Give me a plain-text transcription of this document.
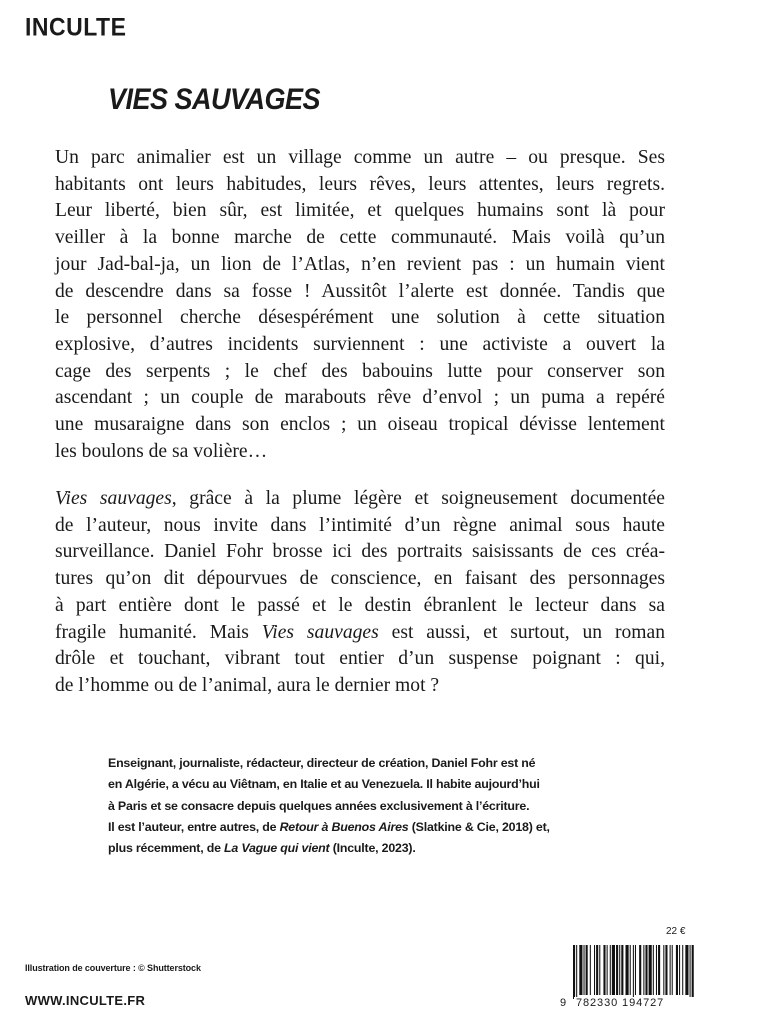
INCULTE
VIES SAUVAGES
Un parc animalier est un village comme un autre – ou presque. Ses
habitants ont leurs habitudes, leurs rêves, leurs attentes, leurs regrets.
Leur liberté, bien sûr, est limitée, et quelques humains sont là pour
veiller à la bonne marche de cette communauté. Mais voilà qu’un
jour Jad-bal-ja, un lion de l’Atlas, n’en revient pas : un humain vient
de descendre dans sa fosse ! Aussitôt l’alerte est donnée. Tandis que
le personnel cherche désespérément une solution à cette situation
explosive, d’autres incidents surviennent : une activiste a ouvert la
cage des serpents ; le chef des babouins lutte pour conserver son
ascendant ; un couple de marabouts rêve d’envol ; un puma a repéré
une musaraigne dans son enclos ; un oiseau tropical dévisse lentement
les boulons de sa volière…
Vies sauvages, grâce à la plume légère et soigneusement documentée
de l’auteur, nous invite dans l’intimité d’un règne animal sous haute
surveillance. Daniel Fohr brosse ici des portraits saisissants de ces créa-
tures qu’on dit dépourvues de conscience, en faisant des personnages
à part entière dont le passé et le destin ébranlent le lecteur dans sa
fragile humanité. Mais Vies sauvages est aussi, et surtout, un roman
drôle et touchant, vibrant tout entier d’un suspense poignant : qui,
de l’homme ou de l’animal, aura le dernier mot ?
Enseignant, journaliste, rédacteur, directeur de création, Daniel Fohr est né
en Algérie, a vécu au Viêtnam, en Italie et au Venezuela. Il habite aujourd’hui
à Paris et se consacre depuis quelques années exclusivement à l’écriture.
Il est l’auteur, entre autres, de Retour à Buenos Aires (Slatkine & Cie, 2018) et,
plus récemment, de La Vague qui vient (Inculte, 2023).
Illustration de couverture : © Shutterstock
WWW.INCULTE.FR
22 €
9 782330 194727
